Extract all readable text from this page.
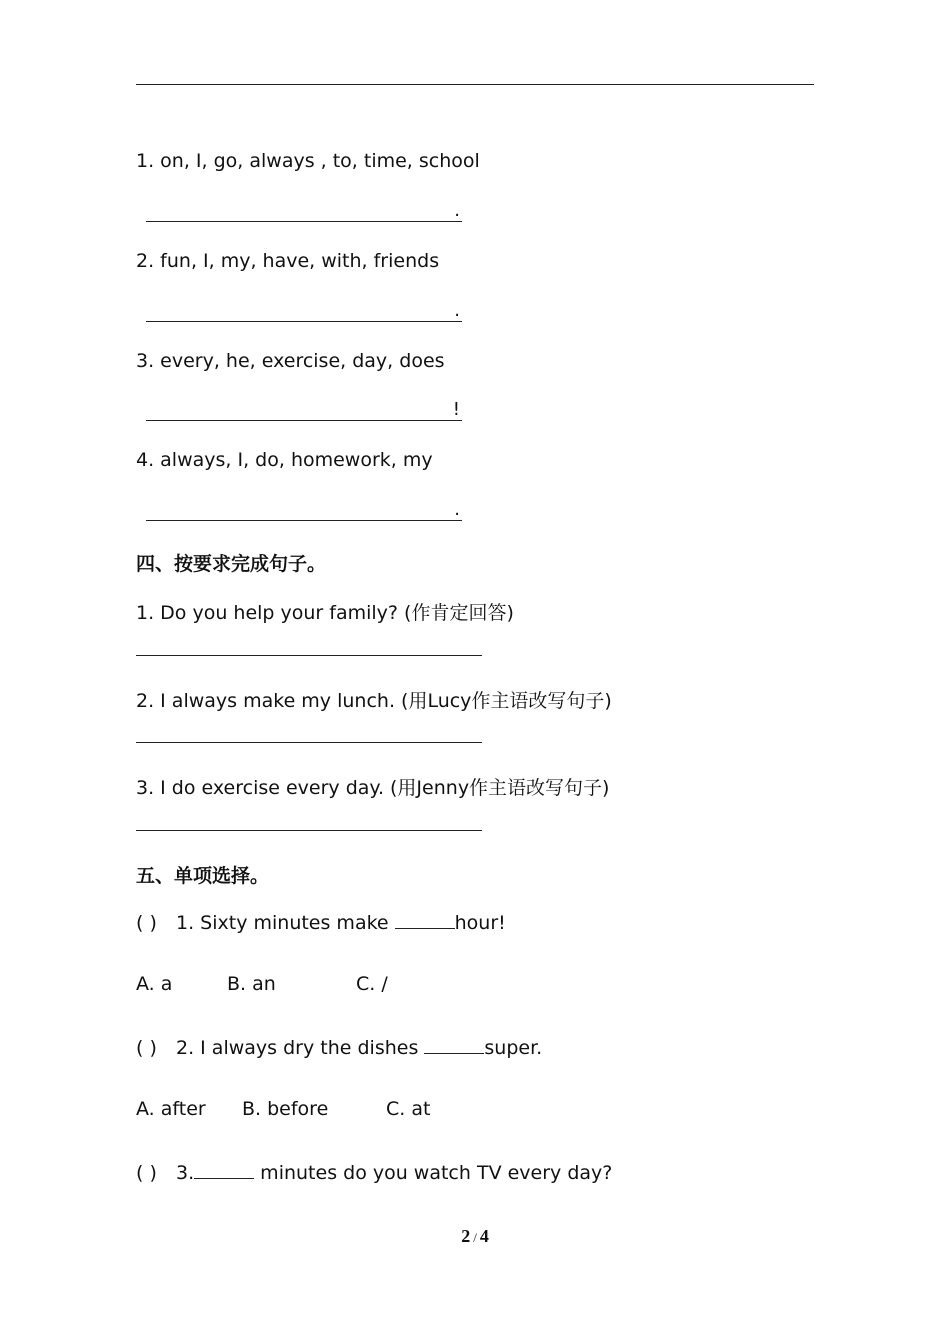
1. on, I, go, always , to, time, school
.
2. fun, I, my, have, with, friends
.
3. every, he, exercise, day, does
!
4. always, I, do, homework, my
.
四、按要求完成句子。
1. Do you help your family? (作肯定回答)
2. I always make my lunch. (用Lucy作主语改写句子)
3. I do exercise every day. (用Jenny作主语改写句子)
五、单项选择。
( ) 1. Sixty minutes make	hour!
A. a	B. an	C. /
( ) 2. I always dry the dishes	super.
A. after B. before	C. at
( ) 3.	minutes do you watch TV every day?
2 / 4
